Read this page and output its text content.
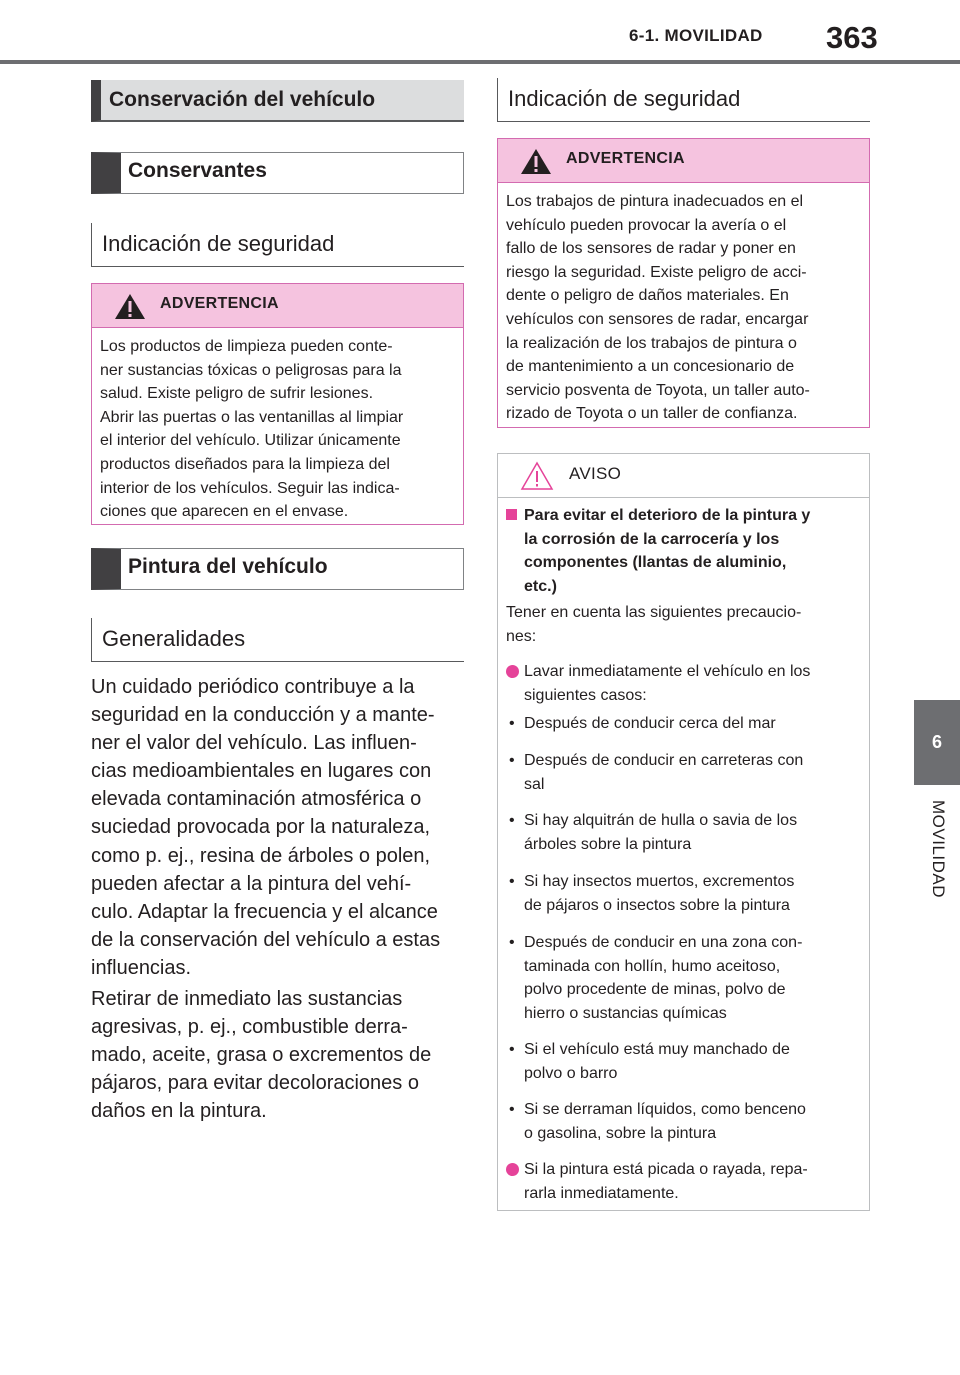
6-1. MOVILIDAD 363
6
MOVILIDAD
Conservación del vehículo
Conservantes
Indicación de seguridad
ADVERTENCIA
Los productos de limpieza pueden conte-
ner sustancias tóxicas o peligrosas para la
salud. Existe peligro de sufrir lesiones.
Abrir las puertas o las ventanillas al limpiar
el interior del vehículo. Utilizar únicamente
productos diseñados para la limpieza del
interior de los vehículos. Seguir las indica-
ciones que aparecen en el envase.
Pintura del vehículo
Generalidades
Un cuidado periódico contribuye a la
seguridad en la conducción y a mante-
ner el valor del vehículo. Las influen-
cias medioambientales en lugares con
elevada contaminación atmosférica o
suciedad provocada por la naturaleza,
como p. ej., resina de árboles o polen,
pueden afectar a la pintura del vehí-
culo. Adaptar la frecuencia y el alcance
de la conservación del vehículo a estas
influencias.
Retirar de inmediato las sustancias
agresivas, p. ej., combustible derra-
mado, aceite, grasa o excrementos de
pájaros, para evitar decoloraciones o
daños en la pintura.
Indicación de seguridad
ADVERTENCIA
Los trabajos de pintura inadecuados en el
vehículo pueden provocar la avería o el
fallo de los sensores de radar y poner en
riesgo la seguridad. Existe peligro de acci-
dente o peligro de daños materiales. En
vehículos con sensores de radar, encargar
la realización de los trabajos de pintura o
de mantenimiento a un concesionario de
servicio posventa de Toyota, un taller auto-
rizado de Toyota o un taller de confianza.
AVISO
Para evitar el deterioro de la pintura y
la corrosión de la carrocería y los
componentes (llantas de aluminio,
etc.)
Tener en cuenta las siguientes precaucio-
nes:
Lavar inmediatamente el vehículo en los
siguientes casos:
• Después de conducir cerca del mar
• Después de conducir en carreteras con
sal
• Si hay alquitrán de hulla o savia de los
árboles sobre la pintura
• Si hay insectos muertos, excrementos
de pájaros o insectos sobre la pintura
• Después de conducir en una zona con-
taminada con hollín, humo aceitoso,
polvo procedente de minas, polvo de
hierro o sustancias químicas
• Si el vehículo está muy manchado de
polvo o barro
• Si se derraman líquidos, como benceno
o gasolina, sobre la pintura
Si la pintura está picada o rayada, repa-
rarla inmediatamente.
